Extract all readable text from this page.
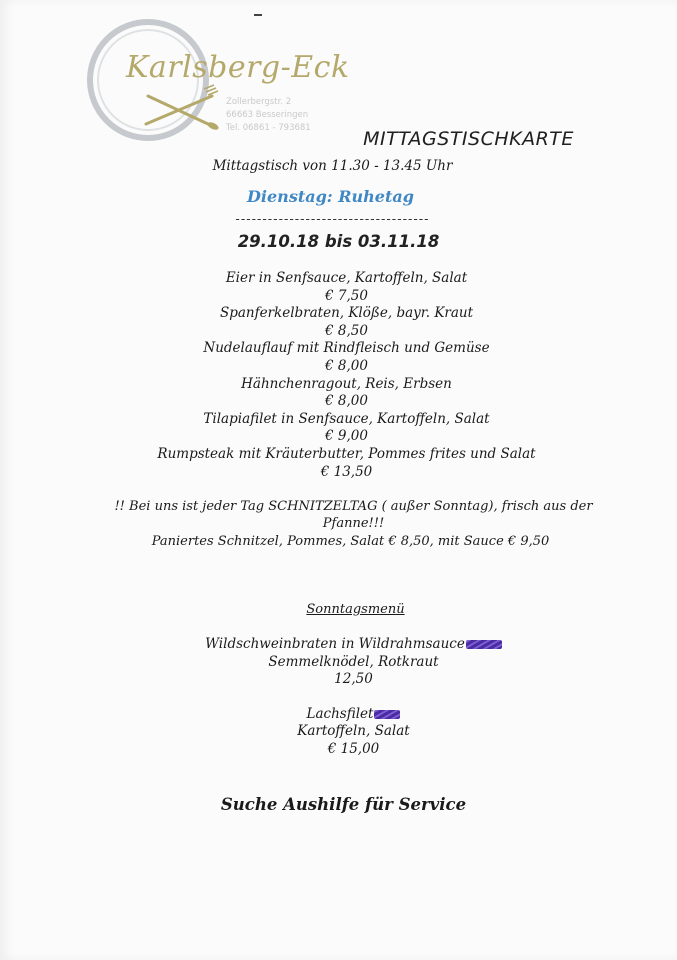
Karlsberg-Eck
Zollerbergstr. 2
66663 Besseringen
Tel. 06861 - 793681	MITTAGSTISCHKARTE
Mittagstisch von 11.30 - 13.45 Uhr
Dienstag: Ruhetag
------------------------------------
29.10.18 bis 03.11.18
Eier in Senfsauce, Kartoffeln, Salat
€ 7,50
Spanferkelbraten, Klöße, bayr. Kraut
€ 8,50
Nudelauflauf mit Rindfleisch und Gemüse
€ 8,00
Hähnchenragout, Reis, Erbsen
€ 8,00
Tilapiafilet in Senfsauce, Kartoffeln, Salat
€ 9,00
Rumpsteak mit Kräuterbutter, Pommes frites und Salat
€ 13,50
!! Bei uns ist jeder Tag SCHNITZELTAG ( außer Sonntag), frisch aus der
Pfanne!!!
Paniertes Schnitzel, Pommes, Salat € 8,50, mit Sauce € 9,50
Sonntagsmenü
Wildschweinbraten in Wildrahmsauce
Semmelknödel, Rotkraut
12,50
Lachsfilet
Kartoffeln, Salat
€ 15,00
Suche Aushilfe für Service
